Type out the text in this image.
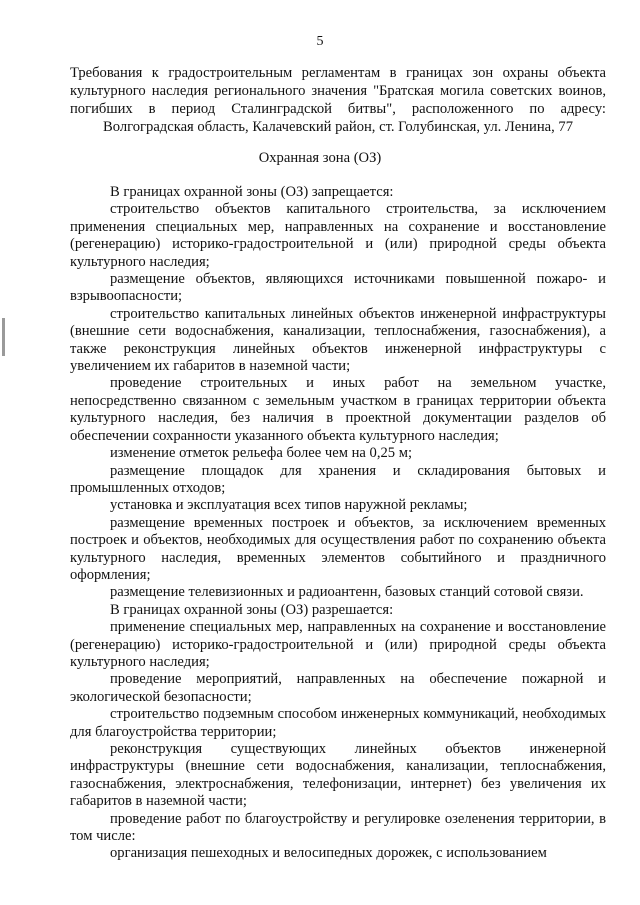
5
Требования к градостроительным регламентам в границах зон охраны объекта культурного наследия регионального значения "Братская могила советских воинов, погибших в период Сталинградской битвы", расположенного по адресу: Волгоградская область, Калачевский район, ст. Голубинская, ул. Ленина, 77
Охранная зона (ОЗ)

В границах охранной зоны (ОЗ) запрещается:

строительство объектов капитального строительства, за исключением применения специальных мер, направленных на сохранение и восстановление (регенерацию) историко-градостроительной и (или) природной среды объекта культурного наследия;

размещение объектов, являющихся источниками повышенной пожаро- и взрывоопасности;

строительство капитальных линейных объектов инженерной инфраструктуры (внешние сети водоснабжения, канализации, теплоснабжения, газоснабжения), а также реконструкция линейных объектов инженерной инфраструктуры с увеличением их габаритов в наземной части;

проведение строительных и иных работ на земельном участке, непосредственно связанном с земельным участком в границах территории объекта культурного наследия, без наличия в проектной документации разделов об обеспечении сохранности указанного объекта культурного наследия;

изменение отметок рельефа более чем на 0,25 м;

размещение площадок для хранения и складирования бытовых и промышленных отходов;

установка и эксплуатация всех типов наружной рекламы;

размещение временных построек и объектов, за исключением временных построек и объектов, необходимых для осуществления работ по сохранению объекта культурного наследия, временных элементов событийного и праздничного оформления;

размещение телевизионных и радиоантенн, базовых станций сотовой связи.

В границах охранной зоны (ОЗ) разрешается:

применение специальных мер, направленных на сохранение и восстановление (регенерацию) историко-градостроительной и (или) природной среды объекта культурного наследия;

проведение мероприятий, направленных на обеспечение пожарной и экологической безопасности;

строительство подземным способом инженерных коммуникаций, необходимых для благоустройства территории;

реконструкция существующих линейных объектов инженерной инфраструктуры (внешние сети водоснабжения, канализации, теплоснабжения, газоснабжения, электроснабжения, телефонизации, интернет) без увеличения их габаритов в наземной части;

проведение работ по благоустройству и регулировке озеленения территории, в том числе:

организация пешеходных и велосипедных дорожек, с использованием
